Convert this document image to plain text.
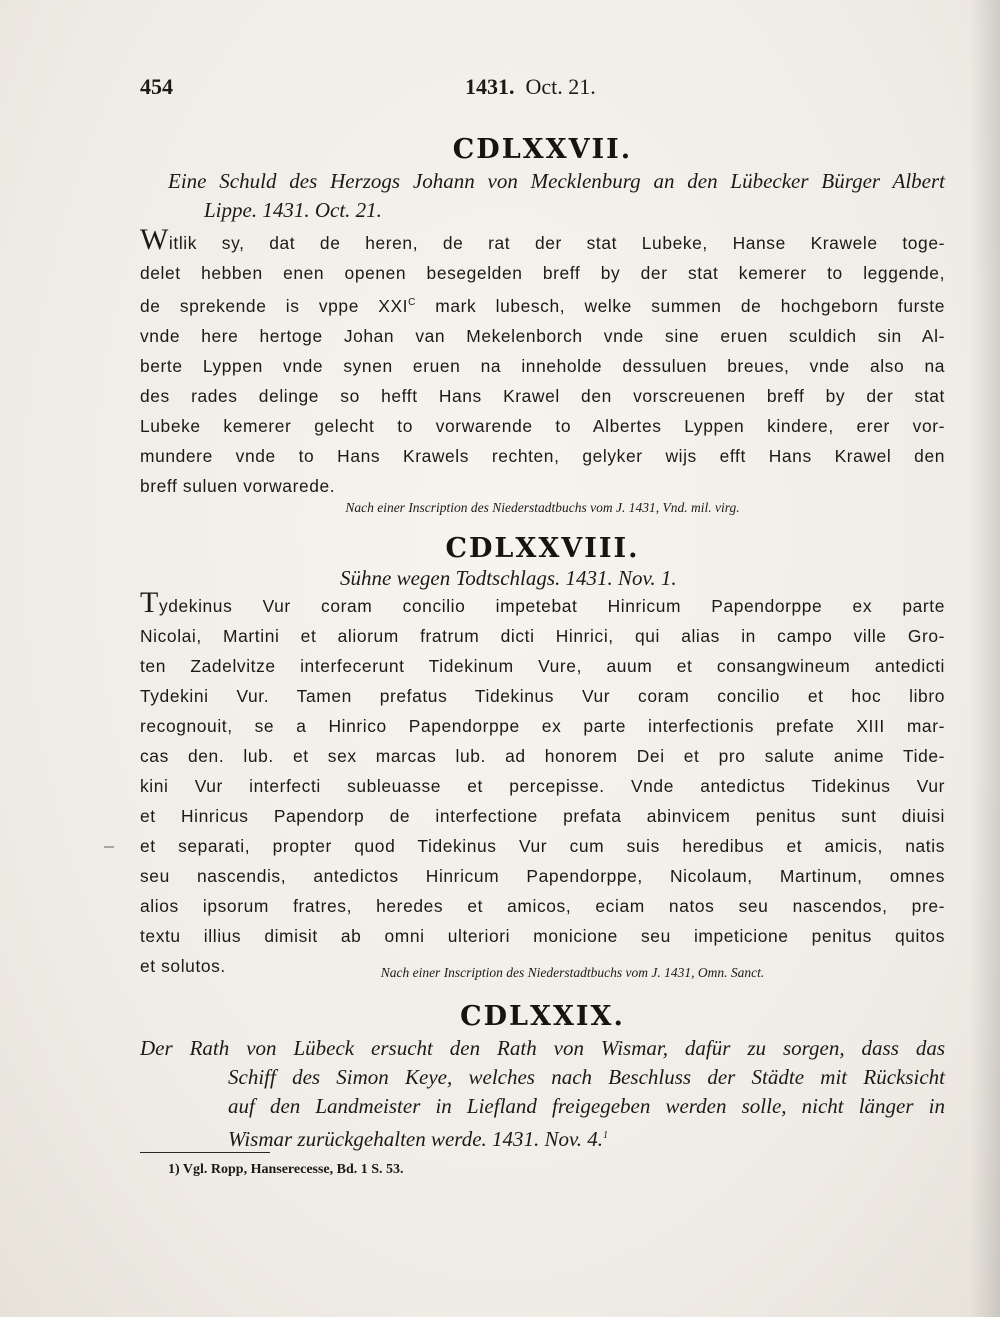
454	1431. Oct. 21.
CDLXXVII.
Eine Schuld des Herzogs Johann von Mecklenburg an den Lübecker Bürger Albert
Lippe. 1431. Oct. 21.
Witlik sy, dat de heren, de rat der stat Lubeke, Hanse Krawele toge-
delet hebben enen openen besegelden breff by der stat kemerer to leggende,
de sprekende is vppe $XXI^C$ mark lubesch, welke summen de hochgeborn furste
vnde here hertoge Johan van Mekelenborch vnde sine eruen sculdich sin Al-
berte Lyppen vnde synen eruen na inneholde dessuluen breues, vnde also na
des rades delinge so hefft Hans Krawel den vorscreuenen breff by der stat
Lubeke kemerer gelecht to vorwarende to Albertes Lyppen kindere, erer vor-
mundere vnde to Hans Krawels rechten, gelyker wijs efft Hans Krawel den
breff suluen vorwarede.
Nach einer Inscription des Niederstadtbuchs vom J. 1431, Vnd. mil. virg.
CDLXXVIII.
Sühne wegen Todtschlags. 1431. Nov. 1.
Tydekinus Vur coram concilio impetebat Hinricum Papendorppe ex parte
Nicolai, Martini et aliorum fratrum dicti Hinrici, qui alias in campo ville Gro-
ten Zadelvitze interfecerunt Tidekinum Vure, auum et consangwineum antedicti
Tydekini Vur. Tamen prefatus Tidekinus Vur coram concilio et hoc libro
recognouit, se a Hinrico Papendorppe ex parte interfectionis prefate XIII mar-
cas den. lub. et sex marcas lub. ad honorem Dei et pro salute anime Tide-
kini Vur interfecti subleuasse et percepisse. Vnde antedictus Tidekinus Vur
et Hinricus Papendorp de interfectione prefata abinvicem penitus sunt diuisi
et separati, propter quod Tidekinus Vur cum suis heredibus et amicis, natis
seu nascendis, antedictos Hinricum Papendorppe, Nicolaum, Martinum, omnes
alios ipsorum fratres, heredes et amicos, eciam natos seu nascendos, pre-
textu illius dimisit ab omni ulteriori monicione seu impeticione penitus quitos
et solutos.	Nach einer Inscription des Niederstadtbuchs vom J. 1431, Omn. Sanct.
CDLXXIX.
Der Rath von Lübeck ersucht den Rath von Wismar, dafür zu sorgen, dass das
Schiff des Simon Keye, welches nach Beschluss der Städte mit Rücksicht
auf den Landmeister in Liefland freigegeben werden solle, nicht länger in
Wismar zurückgehalten werde. 1431. Nov. 4.$^1$
1) Vgl. Ropp, Hanserecesse, Bd. 1 S. 53.
